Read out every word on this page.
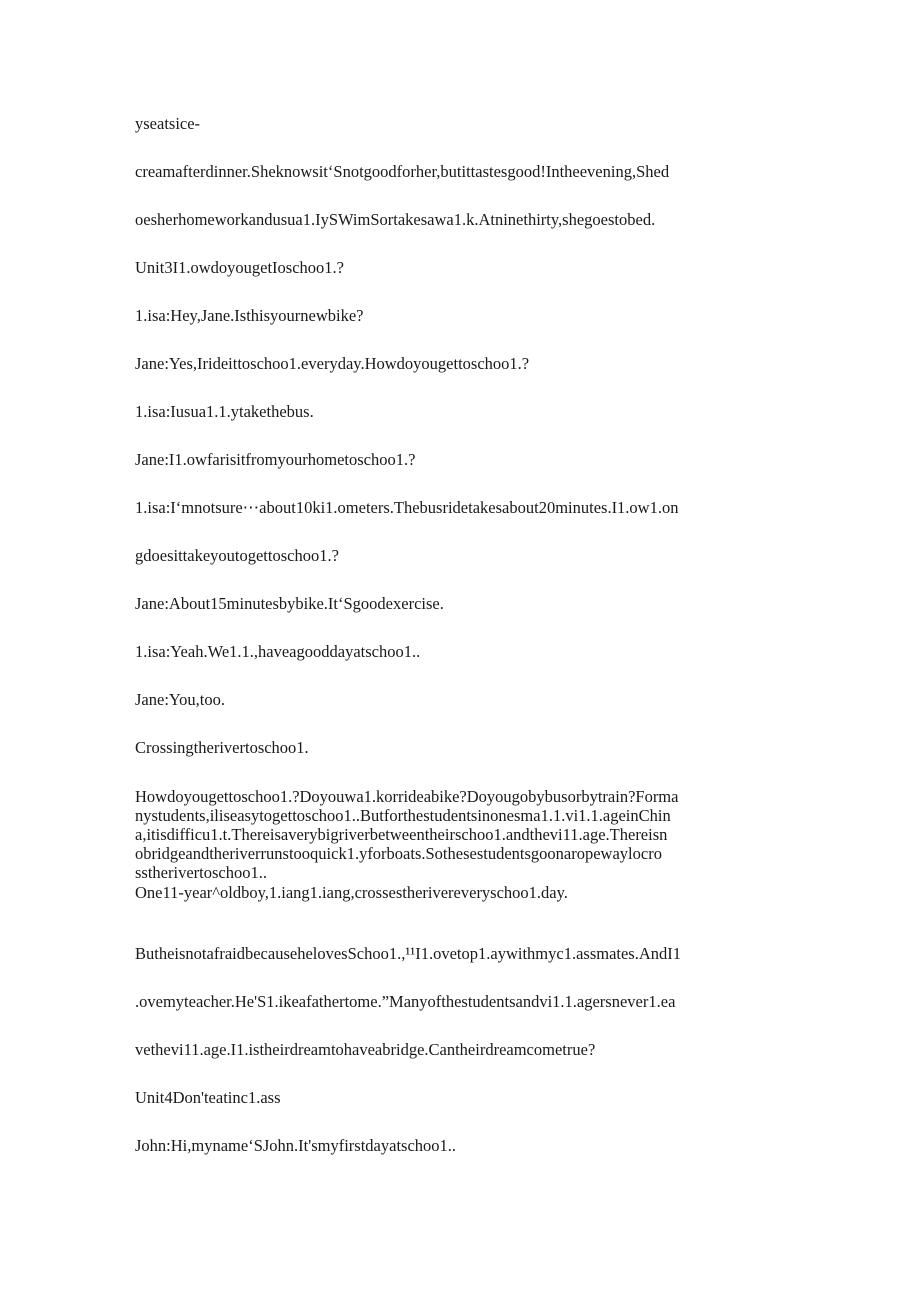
yseatsice-

creamafterdinner.SheknowsitʻSnotgoodforher,butittastesgood!Intheevening,Shed

oesherhomeworkandusua1.IySWimSortakesawa1.k.Atninethirty,shegoestobed.

Unit3I1.owdoyougetIoschoo1.?

1.isa:Hey,Jane.Isthisyournewbike?

Jane:Yes,Irideittoschoo1.everyday.Howdoyougettoschoo1.?

1.isa:Iusua1.1.ytakethebus.

Jane:I1.owfarisitfromyourhometoschoo1.?

1.isa:Iʻmnotsure⋯about10ki1.ometers.Thebusridetakesabout20minutes.I1.ow1.on

gdoesittakeyoutogettoschoo1.?

Jane:About15minutesbybike.ItʻSgoodexercise.

1.isa:Yeah.We1.1.,haveagooddayatschoo1..

Jane:You,too.

Crossingtherivertoschoo1.

Howdoyougettoschoo1.?Doyouwa1.korrideabike?Doyougobybusorbytrain?Forma
nystudents,iliseasytogettoschoo1..Butforthestudentsinonesma1.1.vi1.1.ageinChin
a,itisdifficu1.t.Thereisaverybigriverbetweentheirschoo1.andthevi11.age.Thereisn
obridgeandtheriverrunstooquick1.yforboats.Sothesestudentsgoonaropewayloc​ro
sstherivertoschoo1..
One11-year^oldboy,1.iang1.iang,crossestherivereveryschoo1.day.

Butheisnotafraidbecauseheloves​Schoo1.,¹¹I1.ovetop1.aywithmyc1.assmates.AndI1

.ovemyteacher.He'S1.ikeafathertome.”Manyofthestudentsandvi1.1.agersnever1.ea

vethevi11.age.I1.istheirdreamtohaveabridge.Cantheirdreamcometrue?

Unit4Don'teatinc1.ass

John:Hi,mynameʻSJohn.It'smyfirstdayatschoo1..
